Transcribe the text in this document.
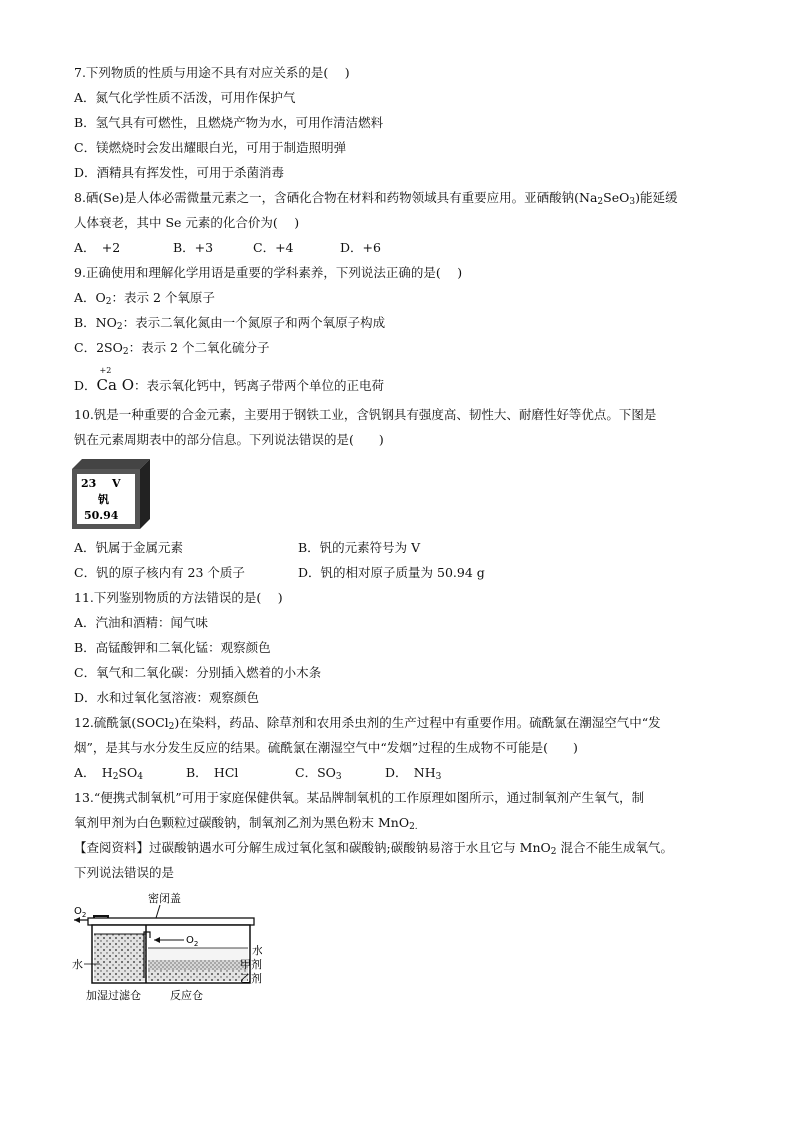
7.下列物质的性质与用途不具有对应关系的是(　 )
A．氮气化学性质不活泼，可用作保护气
B．氢气具有可燃性，且燃烧产物为水，可用作清洁燃料
C．镁燃烧时会发出耀眼白光，可用于制造照明弹
D．酒精具有挥发性，可用于杀菌消毒
8.硒(Se)是人体必需微量元素之一，含硒化合物在材料和药物领域具有重要应用。亚硒酸钠$(Na_2SeO_3)$能延缓
人体衰老，其中 Se 元素的化合价为(　 )
A．　+2	B．+3	C．+4	D．+6
9.正确使用和理解化学用语是重要的学科素养，下列说法正确的是(　 )
A．$O_2$：表示 2 个氧原子
B．$NO_2$：表示二氧化氮由一个氮原子和两个氧原子构成
C．$2SO_2$：表示 2 个二氧化硫分子
D．
+2
Ca O：表示氧化钙中，钙离子带两个单位的正电荷
10.钒是一种重要的合金元素，主要用于钢铁工业，含钒钢具有强度高、韧性大、耐磨性好等优点。下图是
钒在元素周期表中的部分信息。下列说法错误的是(　　)
23 V
钒
50.94
A．钒属于金属元素	B．钒的元素符号为 V
C．钒的原子核内有 23 个质子	D．钒的相对原子质量为 50.94 g
11.下列鉴别物质的方法错误的是(　 )
A．汽油和酒精：闻气味
B．高锰酸钾和二氧化锰：观察颜色
C．氧气和二氧化碳：分别插入燃着的小木条
D．水和过氧化氢溶液：观察颜色
12.硫酰氯(SOCl$_2$)在染料，药品、除草剂和农用杀虫剂的生产过程中有重要作用。硫酰氯在潮湿空气中“发
烟”，是其与水分发生反应的结果。硫酰氯在潮湿空气中“发烟”过程的生成物不可能是(　　)
A．　$H_2SO_4$	B．　HCl	C．$SO_3$	D．　$NH_3$
13.“便携式制氧机”可用于家庭保健供氧。某品牌制氧机的工作原理如图所示，通过制氧剂产生氧气，制
氧剂甲剂为白色颗粒过碳酸钠，制氧剂乙剂为黑色粉末 MnO$_{2.}$
【查阅资料】过碳酸钠遇水可分解生成过氧化氢和碳酸钠;碳酸钠易溶于水且它与 MnO$_2$ 混合不能生成氧气。
下列说法错误的是
密闭盖
$O_2$
$O_2$
水
水
甲剂
乙剂
加湿过滤仓	反应仓
